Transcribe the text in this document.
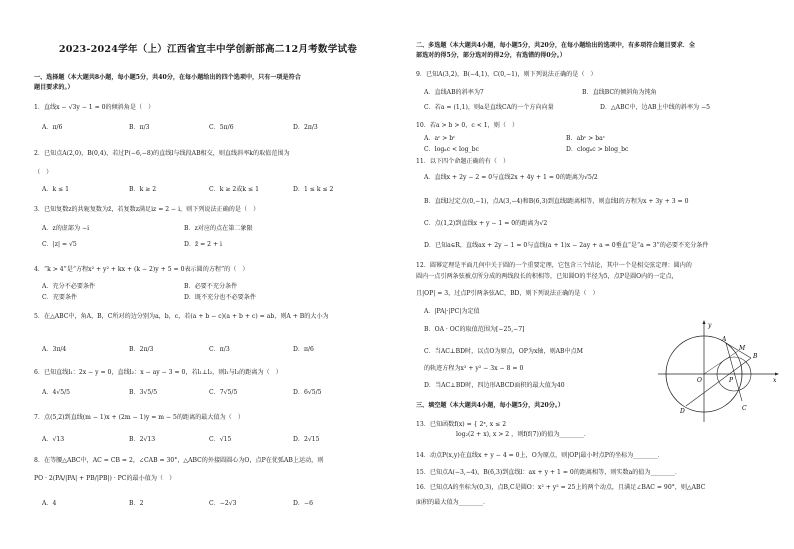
2023-2024学年（上）江西省宜丰中学创新部高二12月考数学试卷
一、选择题（本大题共8小题，每小题5分，共40分，在每小题给出的四个选项中，只有一项是符合
题目要求的。）
1．直线x − √3y − 1 = 0的倾斜角是（　）
A．π/6	B．π/3	C．5π/6	D．2π/3
2．已知点A(2,0)，B(0,4)，若过P(−6,−8)的直线l与线段AB相交，则直线斜率k的取值范围为
（　）
A．k ≤ 1	B．k ≥ 2	C．k ≥ 2或k ≤ 1	D．1 ≤ k ≤ 2
3．已知复数z的共轭复数为z̄，若复数z满足iz = 2 − i，则下列说法正确的是（　）
A．z的虚部为 −i	B．z对应的点在第二象限
C．|z| = √5	D．z̄ = 2 + i
4．“k > 4”是“方程x² + y² + kx + (k − 2)y + 5 = 0表示圆的方程”的（　）
A．充分不必要条件	B．必要不充分条件
C．充要条件	D．既不充分也不必要条件
5．在△ABC中，角A，B，C所对的边分别为a，b，c，若(a + b − c)(a + b + c) = ab，则A + B的大小为
A．3π/4	B．2π/3	C．π/3	D．π/6
6．已知直线l₁：2x − y = 0，直线l₂：x − ay − 3 = 0，若l₁⊥l₂，则l₁与l₂的距离为（　）
A．4√5/5	B．3√5/5	C．7√5/5	D．6√5/5
7．点(5,2)到直线(m − 1)x + (2m − 1)y = m − 5的距离的最大值为（　）
A．√13	B．2√13	C．√15	D．2√15
8．在等腰△ABC中，AC = CB = 2，∠CAB = 30°，△ABC的外接圆圆心为O，点P在优弧AB上运动，则
PO · 2(PA/|PA| + PB/|PB|) · PC的最小值为（　）
A．4	B．2	C．−2√3	D．−6
二、多选题（本大题共4小题，每小题5分，共20分，在每小题给出的选项中，有多项符合题目要求．全
部选对的得5分，部分选对的得2分，有选错的得0分。）
9．已知A(3,2)，B(−4,1)，C(0,−1)，则下列说法正确的是（　）
A．直线AB的斜率为7	B．直线BC的倾斜角为钝角
C．若a = (1,1)，则a是直线CA的一个方向向量	D．△ABC中，边AB上中线的斜率为 −5
10．若a > b > 0，c < 1，则（　）
A．aᶜ > bᶜ	B．abᶜ > baᶜ
C．logₐc < log_bc	D．clogₐc > blog_bc
11．以下四个命题正确的有（　）
A．直线x + 2y − 2 = 0与直线2x + 4y + 1 = 0的距离为√5/2
B．直线l过定点(0,−1)，点A(3,−4)和B(6,3)到直线l距离相等，则直线l的方程为x + 3y + 3 = 0
C．点(1,2)到直线x + y − 1 = 0的距离为√2
D．已知a∈R，直线ax + 2y − 1 = 0与直线(a + 1)x − 2ay + a = 0垂直“是“a = 3”的必要不充分条件
12．圆幂定理是平面几何中关于圆的一个重要定理，它包含三个结论，其中一个是相交弦定理：圆内的
圆内一点引两条弦被点所分成的两线段长的积相等，已知圆O的半径为5，点P是圆O内的一定点，
且|OP| = 3，过点P引两条弦AC，BD，则下列说法正确的是（　）
A．|PA|·|PC|为定值
B．OA · OC的取值范围为[−25,−7]
C．当AC⊥BD时，以点O为原点，OP为x轴，则AB中点M
的轨迹方程为x² + y² − 3x − 8 = 0
D．当AC⊥BD时，四边形ABCD面积的最大值为40
y
A
B
D
O
M
P
C
x
三、填空题（本大题共4小题，每小题5分，共20分。）
13．已知函数f(x) = { 2ˣ, x ≤ 2
log₂(2 + x), x > 2 ，则f(f(7))的值为________．
14．动点P(x,y)在直线x + y − 4 = 0上，O为原点，则|OP|最小时点P的坐标为________．
15．已知点A(−3,−4)，B(6,3)到直线l：ax + y + 1 = 0的距离相等，则实数a的值为________．
16．已知点A的坐标为(0,3)，点B,C是圆O：x² + y² = 25上的两个动点，且满足∠BAC = 90°，则△ABC
面积的最大值为________．
